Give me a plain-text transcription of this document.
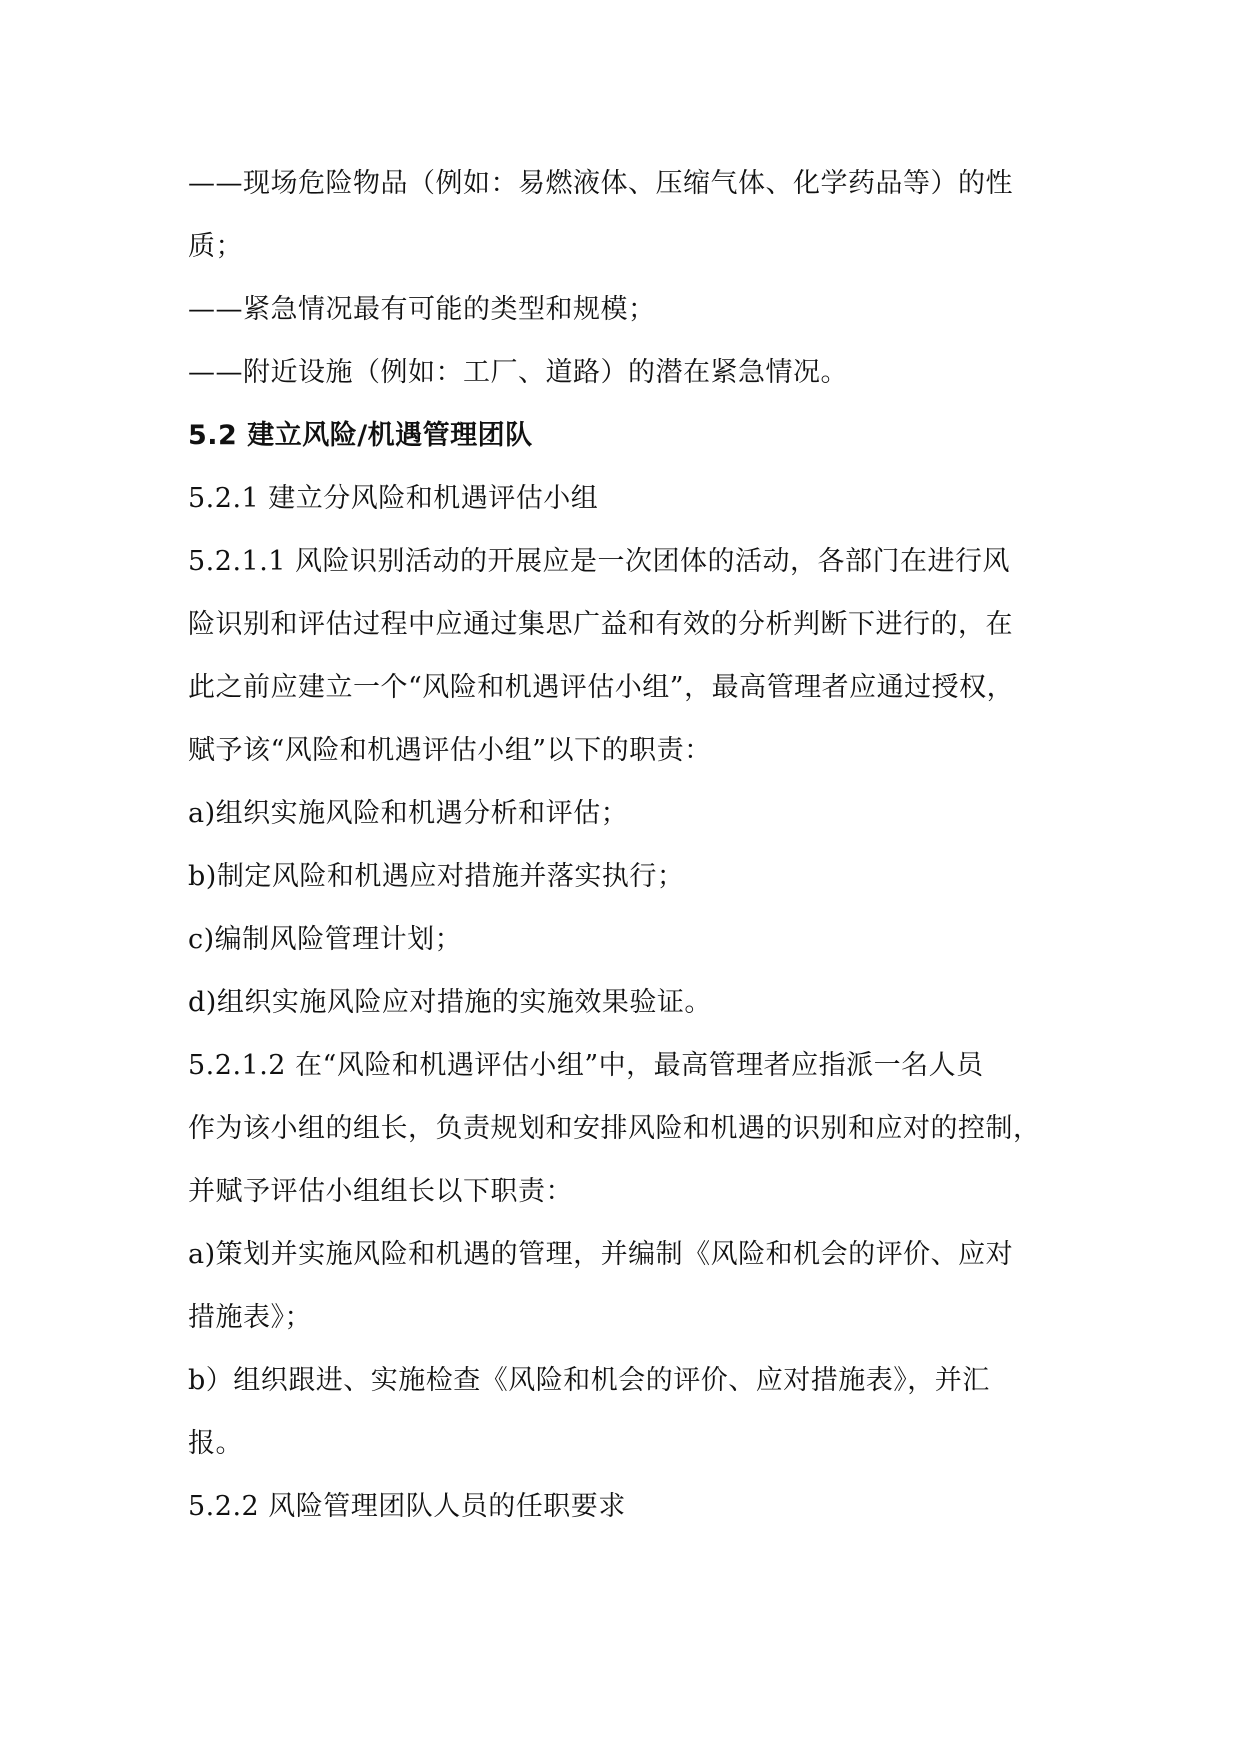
——现场危险物品（例如：易燃液体、压缩气体、化学药品等）的性
质；
——紧急情况最有可能的类型和规模；
——附近设施（例如：工厂、道路）的潜在紧急情况。
5.2 建立风险/机遇管理团队
5.2.1 建立分风险和机遇评估小组
5.2.1.1 风险识别活动的开展应是一次团体的活动，各部门在进行风
险识别和评估过程中应通过集思广益和有效的分析判断下进行的，在
此之前应建立一个“风险和机遇评估小组”，最高管理者应通过授权，
赋予该“风险和机遇评估小组”以下的职责：
a)组织实施风险和机遇分析和评估；
b)制定风险和机遇应对措施并落实执行；
c)编制风险管理计划；
d)组织实施风险应对措施的实施效果验证。
5.2.1.2 在“风险和机遇评估小组”中，最高管理者应指派一名人员
作为该小组的组长，负责规划和安排风险和机遇的识别和应对的控制，
并赋予评估小组组长以下职责：
a)策划并实施风险和机遇的管理，并编制《风险和机会的评价、应对
措施表》；
b）组织跟进、实施检查《风险和机会的评价、应对措施表》，并汇
报。
5.2.2 风险管理团队人员的任职要求
